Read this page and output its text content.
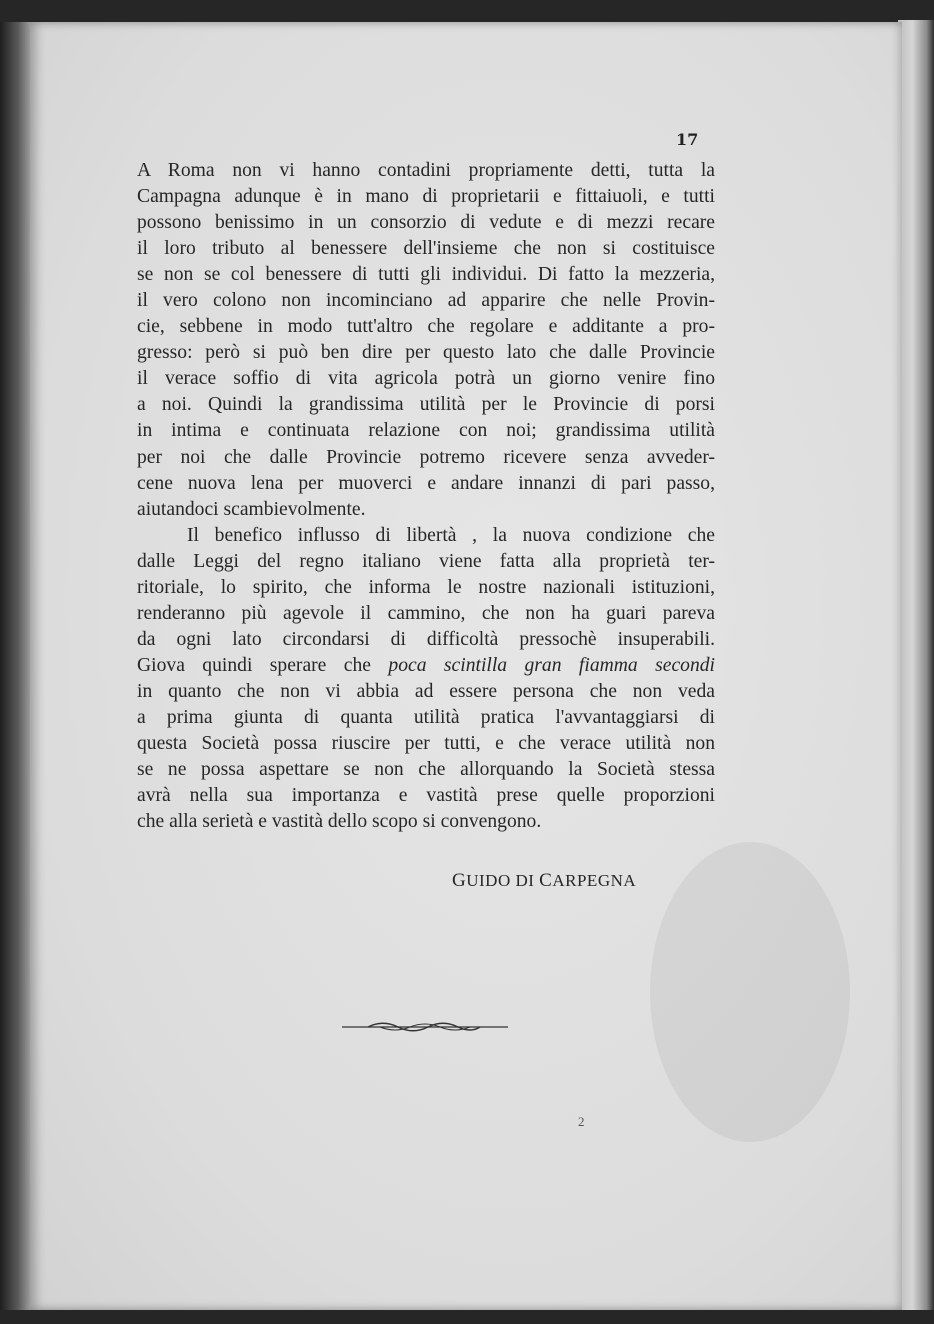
17
A Roma non vi hanno contadini propriamente detti, tutta la
Campagna adunque è in mano di proprietarii e fittaiuoli, e tutti
possono benissimo in un consorzio di vedute e di mezzi recare
il loro tributo al benessere dell'insieme che non si costituisce
se non se col benessere di tutti gli individui. Di fatto la mezzeria,
il vero colono non incominciano ad apparire che nelle Provin-
cie, sebbene in modo tutt'altro che regolare e additante a pro-
gresso: però si può ben dire per questo lato che dalle Provincie
il verace soffio di vita agricola potrà un giorno venire fino
a noi. Quindi la grandissima utilità per le Provincie di porsi
in intima e continuata relazione con noi; grandissima utilità
per noi che dalle Provincie potremo ricevere senza avveder-
cene nuova lena per muoverci e andare innanzi di pari passo,
aiutandoci scambievolmente.
Il benefico influsso di libertà , la nuova condizione che
dalle Leggi del regno italiano viene fatta alla proprietà ter-
ritoriale, lo spirito, che informa le nostre nazionali istituzioni,
renderanno più agevole il cammino, che non ha guari pareva
da ogni lato circondarsi di difficoltà pressochè insuperabili.
Giova quindi sperare che poca scintilla gran fiamma secondi
in quanto che non vi abbia ad essere persona che non veda
a prima giunta di quanta utilità pratica l'avvantaggiarsi di
questa Società possa riuscire per tutti, e che verace utilità non
se ne possa aspettare se non che allorquando la Società stessa
avrà nella sua importanza e vastità prese quelle proporzioni
che alla serietà e vastità dello scopo si convengono.
GUIDO DI CARPEGNA
2
